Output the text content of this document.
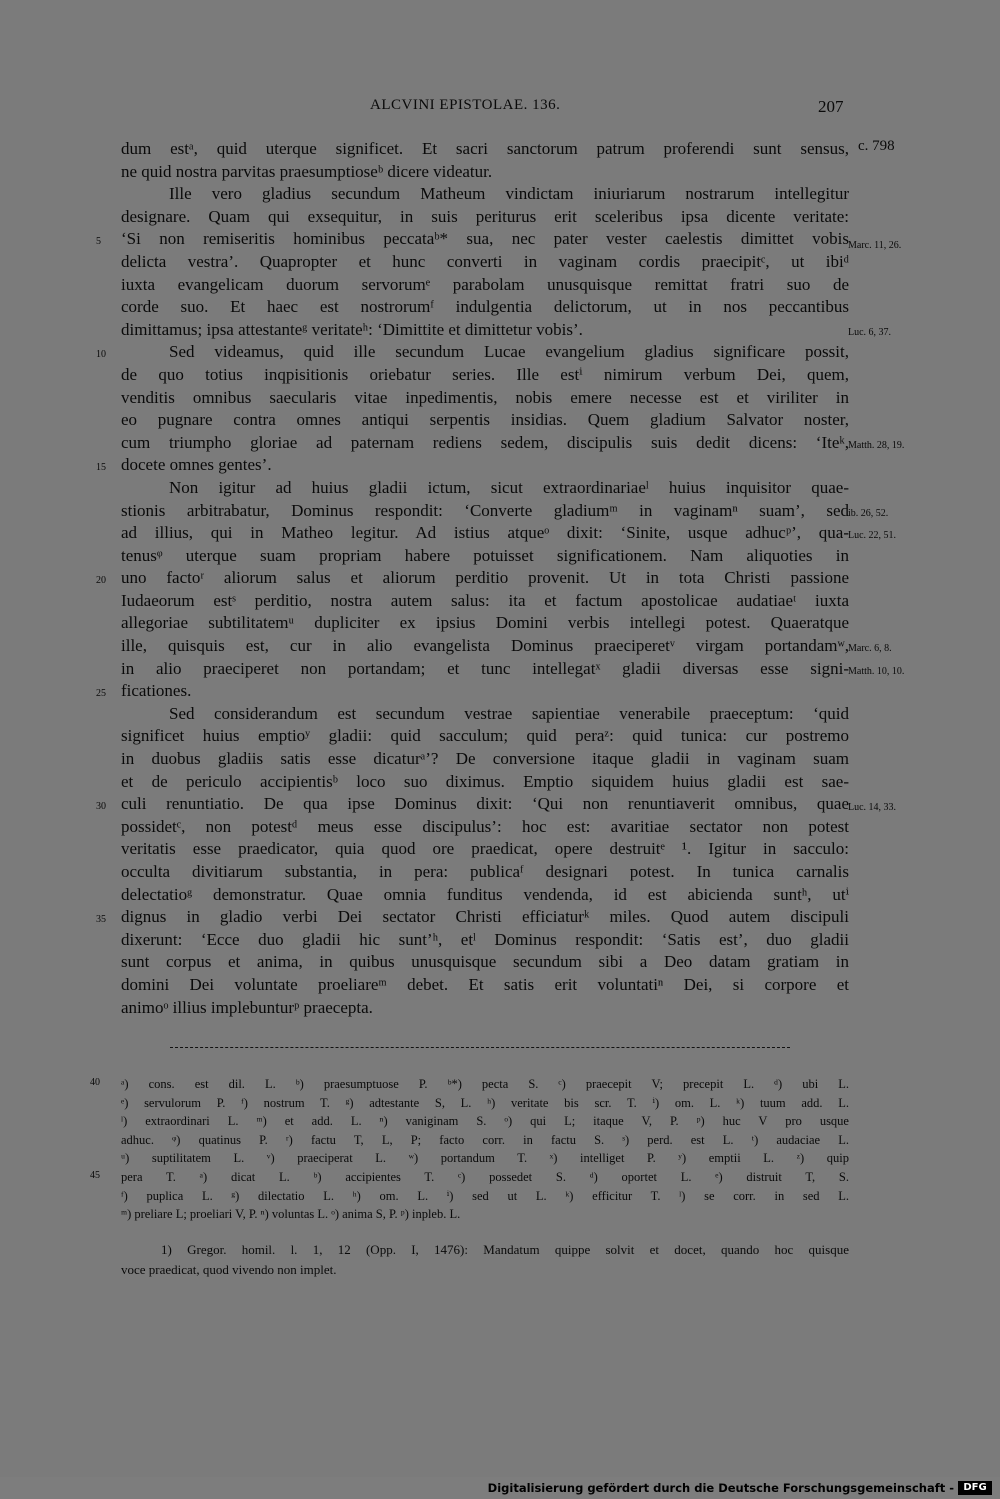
ALCVINI EPISTOLAE. 136.	207
c. 798
dum estᵃ, quid uterque significet. Et sacri sanctorum patrum proferendi sunt sensus,
ne quid nostra parvitas praesumptioseᵇ dicere videatur.
Ille vero gladius secundum Matheum vindictam iniuriarum nostrarum intellegitur
designare. Quam qui exsequitur, in suis periturus erit sceleribus ipsa dicente veritate:
‘Si non remiseritis hominibus peccataᵇ* sua, nec pater vester caelestis dimittet vobis
delicta vestra’. Quapropter et hunc converti in vaginam cordis praecipitᶜ, ut ibiᵈ
iuxta evangelicam duorum servorumᵉ parabolam unusquisque remittat fratri suo de
corde suo. Et haec est nostrorumᶠ indulgentia delictorum, ut in nos peccantibus
dimittamus; ipsa attestanteᵍ veritateʰ: ‘Dimittite et dimittetur vobis’.
Sed videamus, quid ille secundum Lucae evangelium gladius significare possit,
de quo totius inqpisitionis oriebatur series. Ille estⁱ nimirum verbum Dei, quem,
venditis omnibus saecularis vitae inpedimentis, nobis emere necesse est et viriliter in
eo pugnare contra omnes antiqui serpentis insidias. Quem gladium Salvator noster,
cum triumpho gloriae ad paternam rediens sedem, discipulis suis dedit dicens: ‘Iteᵏ,
docete omnes gentes’.
Non igitur ad huius gladii ictum, sicut extraordinariaeˡ huius inquisitor quae-
stionis arbitrabatur, Dominus respondit: ‘Converte gladiumᵐ in vaginamⁿ suam’, sed
ad illius, qui in Matheo legitur. Ad istius atqueᵒ dixit: ‘Sinite, usque adhucᵖ’, qua-
tenusᵠ uterque suam propriam habere potuisset significationem. Nam aliquoties in
uno factoʳ aliorum salus et aliorum perditio provenit. Ut in tota Christi passione
Iudaeorum estˢ perditio, nostra autem salus: ita et factum apostolicae audatiaeᵗ iuxta
allegoriae subtilitatemᵘ dupliciter ex ipsius Domini verbis intellegi potest. Quaeratque
ille, quisquis est, cur in alio evangelista Dominus praeciperetᵛ virgam portandamʷ,
in alio praeciperet non portandam; et tunc intellegatˣ gladii diversas esse signi-
ficationes.
Sed considerandum est secundum vestrae sapientiae venerabile praeceptum: ‘quid
significet huius emptioʸ gladii: quid sacculum; quid peraᶻ: quid tunica: cur postremo
in duobus gladiis satis esse dicaturᵃ’? De conversione itaque gladii in vaginam suam
et de periculo accipientisᵇ loco suo diximus. Emptio siquidem huius gladii est sae-
culi renuntiatio. De qua ipse Dominus dixit: ‘Qui non renuntiaverit omnibus, quae
possidetᶜ, non potestᵈ meus esse discipulus’: hoc est: avaritiae sectator non potest
veritatis esse praedicator, quia quod ore praedicat, opere destruitᵉ ¹. Igitur in sacculo:
occulta divitiarum substantia, in pera: publicaᶠ designari potest. In tunica carnalis
delectatioᵍ demonstratur. Quae omnia funditus vendenda, id est abicienda suntʰ, utⁱ
dignus in gladio verbi Dei sectator Christi efficiaturᵏ miles. Quod autem discipuli
dixerunt: ‘Ecce duo gladii hic sunt’ʰ, etˡ Dominus respondit: ‘Satis est’, duo gladii
sunt corpus et anima, in quibus unusquisque secundum sibi a Deo datam gratiam in
domini Dei voluntate proeliareᵐ debet. Et satis erit voluntatiⁿ Dei, si corpore et
animoᵒ illius implebunturᵖ praecepta.
5
10
15
20
25
30
35
Marc. 11, 26.
Luc. 6, 37.
Matth. 28, 19.
ib. 26, 52.
Luc. 22, 51.
Marc. 6, 8.
Matth. 10, 10.
Luc. 14, 33.
40
45
ᵃ) cons. est dil. L. ᵇ) praesumptuose P. ᵇ*) pecta S. ᶜ) praecepit V; precepit L. ᵈ) ubi L.
ᵉ) servulorum P. ᶠ) nostrum T. ᵍ) adtestante S, L. ʰ) veritate bis scr. T. ⁱ) om. L. ᵏ) tuum add. L.
ˡ) extraordinari L. ᵐ) et add. L. ⁿ) vaniginam S. ᵒ) qui L; itaque V, P. ᵖ) huc V pro usque
adhuc. ᵠ) quatinus P. ʳ) factu T, L, P; facto corr. in factu S. ˢ) perd. est L. ᵗ) audaciae L.
ᵘ) suptilitatem L. ᵛ) praeciperat L. ʷ) portandum T. ˣ) intelliget P. ʸ) emptii L. ᶻ) quip
pera T. ᵃ) dicat L. ᵇ) accipientes T. ᶜ) possedet S. ᵈ) oportet L. ᵉ) distruit T, S.
ᶠ) puplica L. ᵍ) dilectatio L. ʰ) om. L. ⁱ) sed ut L. ᵏ) efficitur T. ˡ) se corr. in sed L.
ᵐ) preliare L; proeliari V, P. ⁿ) voluntas L. ᵒ) anima S, P. ᵖ) inpleb. L.
1) Gregor. homil. l. 1, 12 (Opp. I, 1476): Mandatum quippe solvit et docet, quando hoc quisque
voce praedicat, quod vivendo non implet.
Digitalisierung gefördert durch die Deutsche Forschungsgemeinschaft - DFG
